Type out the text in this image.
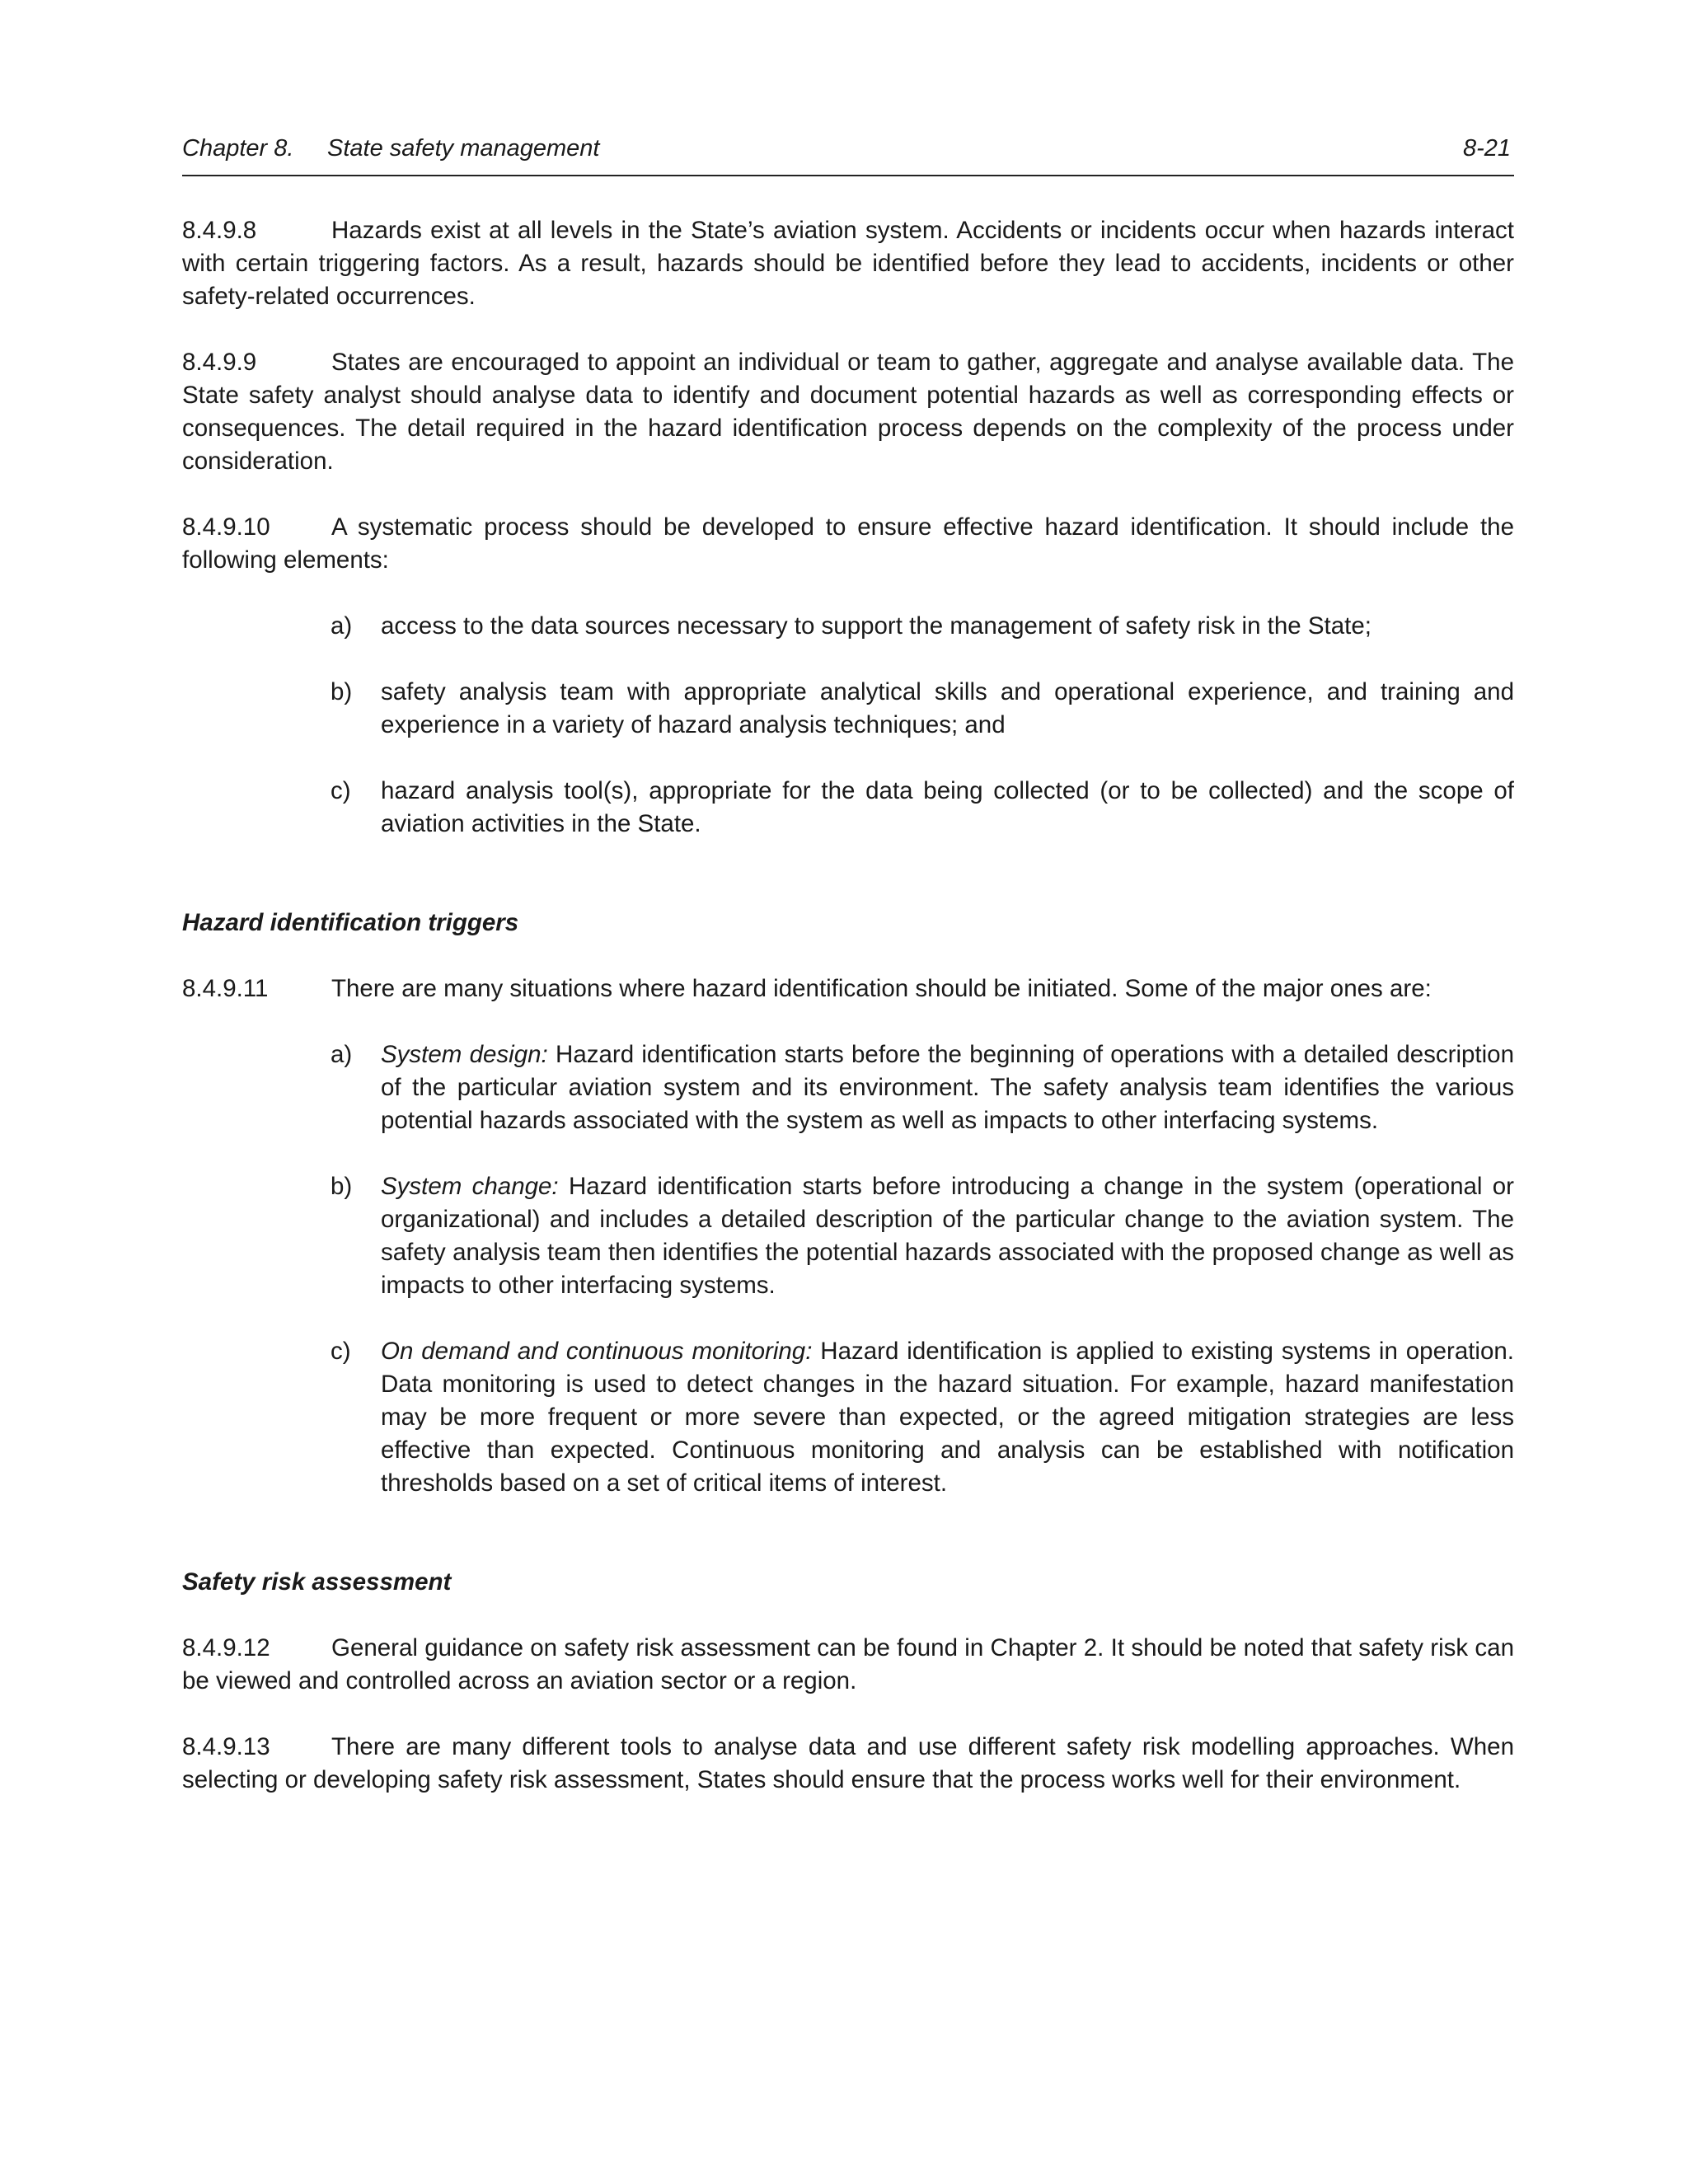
Chapter 8. State safety management	8-21

8.4.9.8	Hazards exist at all levels in the State’s aviation system. Accidents or incidents occur when hazards interact with certain triggering factors. As a result, hazards should be identified before they lead to accidents, incidents or other safety-related occurrences.

8.4.9.9	States are encouraged to appoint an individual or team to gather, aggregate and analyse available data. The State safety analyst should analyse data to identify and document potential hazards as well as corresponding effects or consequences. The detail required in the hazard identification process depends on the complexity of the process under consideration.

8.4.9.10	A systematic process should be developed to ensure effective hazard identification. It should include the following elements:

a) access to the data sources necessary to support the management of safety risk in the State;
b) safety analysis team with appropriate analytical skills and operational experience, and training and experience in a variety of hazard analysis techniques; and
c) hazard analysis tool(s), appropriate for the data being collected (or to be collected) and the scope of aviation activities in the State.
Hazard identification triggers

8.4.9.11	There are many situations where hazard identification should be initiated. Some of the major ones are:

a) System design: Hazard identification starts before the beginning of operations with a detailed description of the particular aviation system and its environment. The safety analysis team identifies the various potential hazards associated with the system as well as impacts to other interfacing systems.
b) System change: Hazard identification starts before introducing a change in the system (operational or organizational) and includes a detailed description of the particular change to the aviation system. The safety analysis team then identifies the potential hazards associated with the proposed change as well as impacts to other interfacing systems.
c) On demand and continuous monitoring: Hazard identification is applied to existing systems in operation. Data monitoring is used to detect changes in the hazard situation. For example, hazard manifestation may be more frequent or more severe than expected, or the agreed mitigation strategies are less effective than expected. Continuous monitoring and analysis can be established with notification thresholds based on a set of critical items of interest.
Safety risk assessment

8.4.9.12	General guidance on safety risk assessment can be found in Chapter 2. It should be noted that safety risk can be viewed and controlled across an aviation sector or a region.

8.4.9.13	There are many different tools to analyse data and use different safety risk modelling approaches. When selecting or developing safety risk assessment, States should ensure that the process works well for their environment.
